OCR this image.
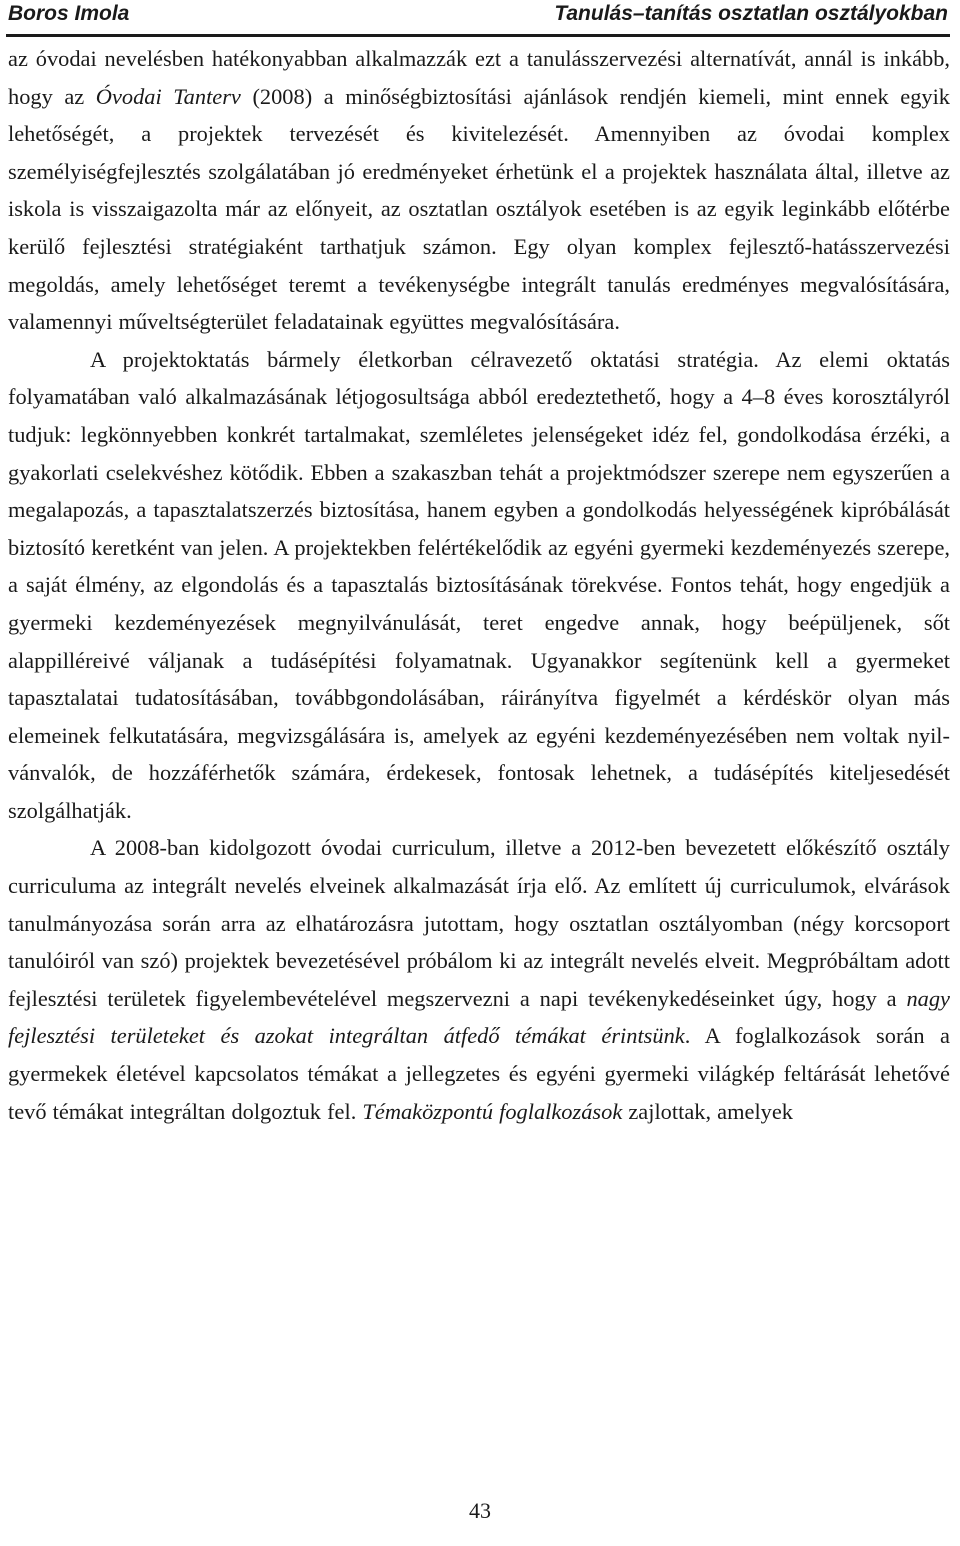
Boros Imola	Tanulás–tanítás osztatlan osztályokban

az óvodai nevelésben hatékonyabban alkalmazzák ezt a tanulásszervezési alternatívát, annál is inkább, hogy az Óvodai Tanterv (2008) a minőségbiztosítási ajánlások rendjén kiemeli, mint ennek egyik lehetőségét, a projektek tervezését és kivitelezését. Amennyiben az óvodai komplex személyiségfejlesztés szolgálatában jó eredményeket érhetünk el a projektek használata által, illetve az iskola is visszaigazolta már az előnyeit, az osztatlan osztályok esetében is az egyik leginkább előtérbe kerülő fejlesztési stratégiaként tarthatjuk számon. Egy olyan komplex fejlesztő-hatásszervezési megoldás, amely lehetőséget teremt a tevékenységbe integrált tanulás eredményes megvalósítására, valamennyi műveltségterület feladatainak együttes megvalósítására.

A projektoktatás bármely életkorban célravezető oktatási stratégia. Az elemi oktatás folyamatában való alkalmazásának létjogosultsága abból eredeztethető, hogy a 4–8 éves korosztályról tudjuk: legkönnyebben konkrét tartalmakat, szemléletes jelenségeket idéz fel, gondolkodása érzéki, a gyakorlati cselekvéshez kötődik. Ebben a szakaszban tehát a projektmódszer szerepe nem egyszerűen a megalapozás, a tapasztalatszerzés biztosítása, hanem egyben a gondolkodás helyességének kipróbálását biztosító keretként van jelen. A projektekben felértékelődik az egyéni gyermeki kezdeményezés szerepe, a saját élmény, az elgondolás és a tapasztalás biztosításának törekvése. Fontos tehát, hogy engedjük a gyermeki kezdeményezések megnyilvánulását, teret engedve annak, hogy beépüljenek, sőt alappilléreivé váljanak a tudásépítési folyamatnak. Ugyanakkor segítenünk kell a gyermeket tapasztalatai tudatosításában, továbbgondolásában, ráirányítva figyelmét a kérdéskör olyan más elemeinek felkutatására, megvizsgálására is, amelyek az egyéni kezdeményezésében nem voltak nyilvánvalók, de hozzáférhetők számára, érdekesek, fontosak lehetnek, a tudásépítés kiteljesedését szolgálhatják.

A 2008-ban kidolgozott óvodai curriculum, illetve a 2012-ben bevezetett előkészítő osztály curriculuma az integrált nevelés elveinek alkalmazását írja elő. Az említett új curriculumok, elvárások tanulmányozása során arra az elhatározásra jutottam, hogy osztatlan osztályomban (négy korcsoport tanulóiról van szó) projektek bevezetésével próbálom ki az integrált nevelés elveit. Megpróbáltam adott fejlesztési területek figyelembevételével megszervezni a napi tevékenykedéseinket úgy, hogy a nagy fejlesztési területeket és azokat integráltan átfedő témákat érintsünk. A foglalkozások során a gyermekek életével kapcsolatos témákat a jellegzetes és egyéni gyermeki világkép feltárását lehetővé tevő témákat integráltan dolgoztuk fel. Témaközpontú foglalkozások zajlottak, amelyek

43
